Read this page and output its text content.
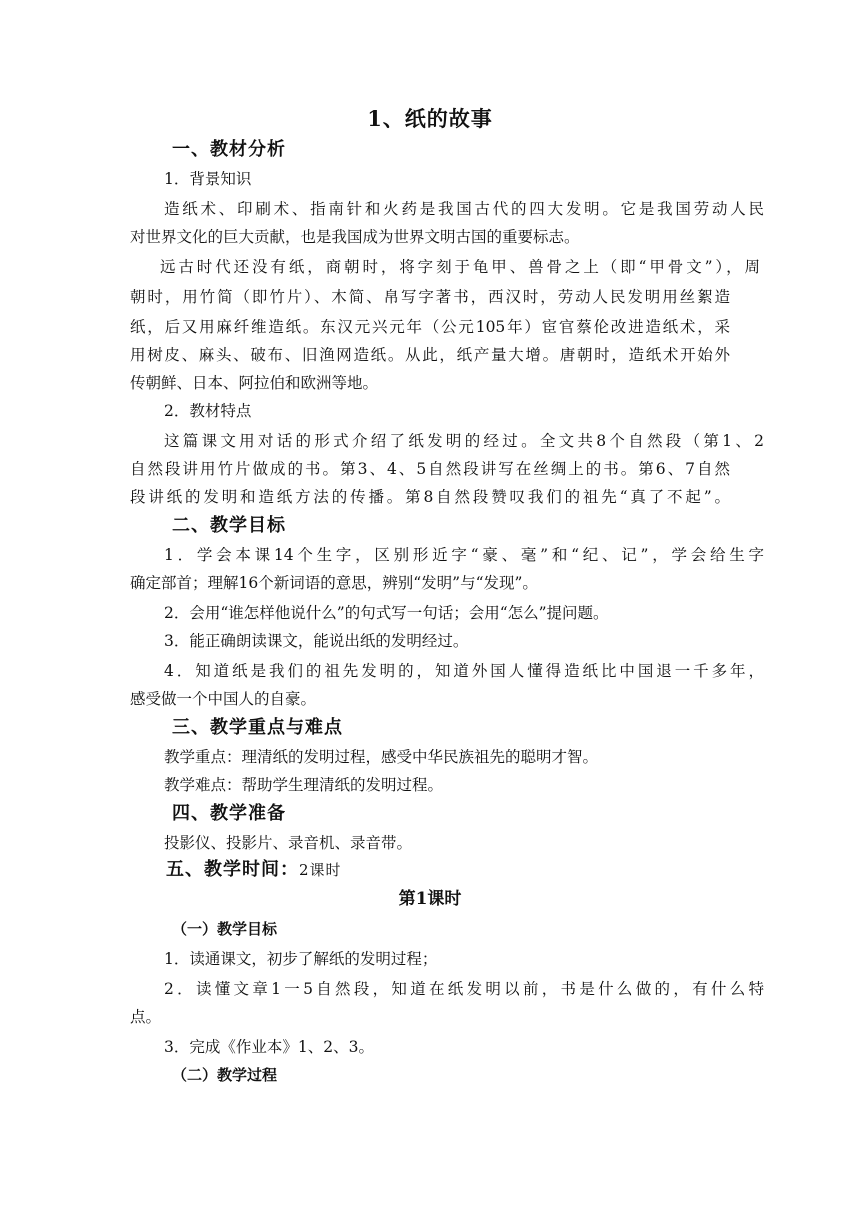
1、纸的故事
一、教材分析
1．背景知识
造纸术、印刷术、指南针和火药是我国古代的四大发明。它是我国劳动人民
对世界文化的巨大贡献，也是我国成为世界文明古国的重要标志。
远古时代还没有纸，商朝时，将字刻于龟甲、兽骨之上（即“甲骨文”），周
朝时，用竹简（即竹片）、木简、帛写字著书，西汉时，劳动人民发明用丝絮造
纸，后又用麻纤维造纸。东汉元兴元年（公元105年）宦官蔡伦改进造纸术，采
用树皮、麻头、破布、旧渔网造纸。从此，纸产量大增。唐朝时，造纸术开始外
传朝鲜、日本、阿拉伯和欧洲等地。
2．教材特点
这篇课文用对话的形式介绍了纸发明的经过。全文共8个自然段（第1、2
自然段讲用竹片做成的书。第3、4、5自然段讲写在丝绸上的书。第6、7自然
段讲纸的发明和造纸方法的传播。第8自然段赞叹我们的祖先“真了不起”。
二、教学目标
1．学会本课14个生字，区别形近字“豪、毫”和“纪、记”，学会给生字
确定部首；理解16个新词语的意思，辨别“发明”与“发现”。
2．会用“谁怎样他说什么”的句式写一句话；会用“怎么”提问题。
3．能正确朗读课文，能说出纸的发明经过。
4．知道纸是我们的祖先发明的，知道外国人懂得造纸比中国退一千多年，
感受做一个中国人的自豪。
三、教学重点与难点
教学重点：理清纸的发明过程，感受中华民族祖先的聪明才智。
教学难点：帮助学生理清纸的发明过程。
四、教学准备
投影仪、投影片、录音机、录音带。
五、教学时间：2课时
第1课时
（一）教学目标
1．读通课文，初步了解纸的发明过程；
2．读懂文章1一5自然段，知道在纸发明以前，书是什么做的，有什么特
点。
3．完成《作业本》1、2、3。
（二）教学过程
